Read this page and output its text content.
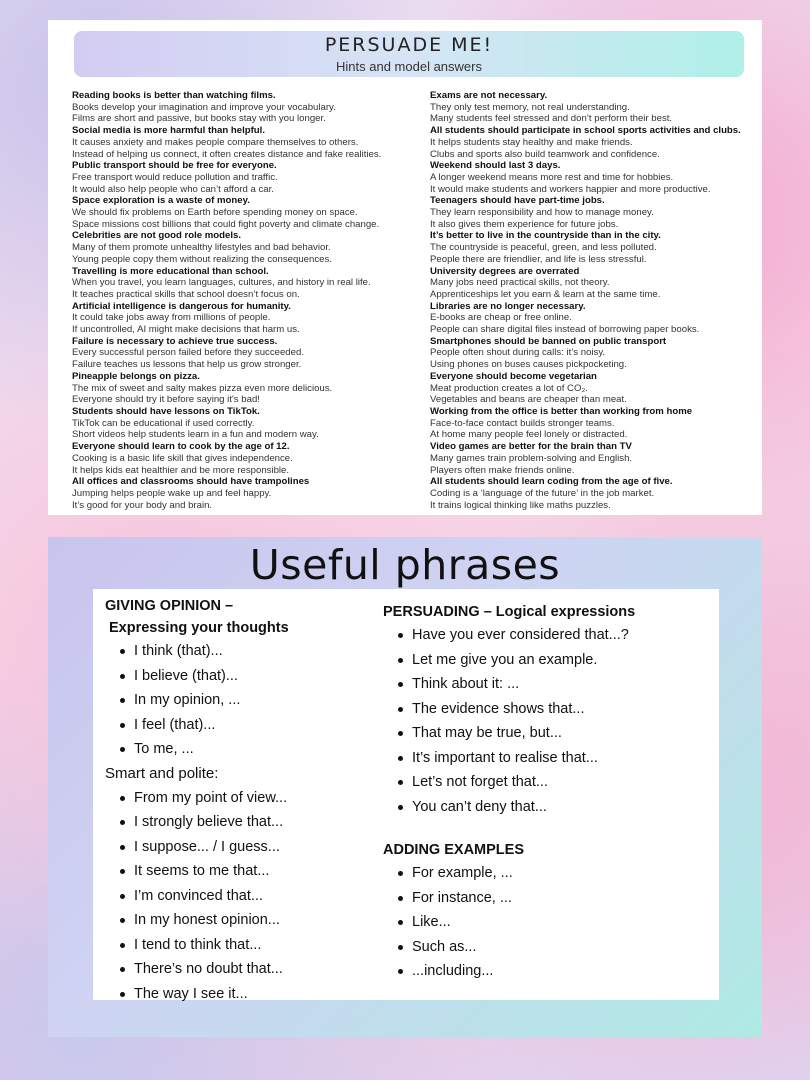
PERSUADE ME!
Hints and model answers
Reading books is better than watching films.
Books develop your imagination and improve your vocabulary.
Films are short and passive, but books stay with you longer.
Social media is more harmful than helpful.
It causes anxiety and makes people compare themselves to others.
Instead of helping us connect, it often creates distance and fake realities.
Public transport should be free for everyone.
Free transport would reduce pollution and traffic.
It would also help people who can’t afford a car.
Space exploration is a waste of money.
We should fix problems on Earth before spending money on space.
Space missions cost billions that could fight poverty and climate change.
Celebrities are not good role models.
Many of them promote unhealthy lifestyles and bad behavior.
Young people copy them without realizing the consequences.
Travelling is more educational than school.
When you travel, you learn languages, cultures, and history in real life.
It teaches practical skills that school doesn’t focus on.
Artificial intelligence is dangerous for humanity.
It could take jobs away from millions of people.
If uncontrolled, AI might make decisions that harm us.
Failure is necessary to achieve true success.
Every successful person failed before they succeeded.
Failure teaches us lessons that help us grow stronger.
Pineapple belongs on pizza.
The mix of sweet and salty makes pizza even more delicious.
Everyone should try it before saying it's bad!
Students should have lessons on TikTok.
TikTok can be educational if used correctly.
Short videos help students learn in a fun and modern way.
Everyone should learn to cook by the age of 12.
Cooking is a basic life skill that gives independence.
It helps kids eat healthier and be more responsible.
All offices and classrooms should have trampolines
Jumping helps people wake up and feel happy.
It’s good for your body and brain.
Exams are not necessary.
They only test memory, not real understanding.
Many students feel stressed and don’t perform their best.
All students should participate in school sports activities and clubs.
It helps students stay healthy and make friends.
Clubs and sports also build teamwork and confidence.
Weekend should last 3 days.
A longer weekend means more rest and time for hobbies.
It would make students and workers happier and more productive.
Teenagers should have part-time jobs.
They learn responsibility and how to manage money.
It also gives them experience for future jobs.
It’s better to live in the countryside than in the city.
The countryside is peaceful, green, and less polluted.
People there are friendlier, and life is less stressful.
University degrees are overrated
Many jobs need practical skills, not theory.
Apprenticeships let you earn & learn at the same time.
Libraries are no longer necessary.
E-books are cheap or free online.
People can share digital files instead of borrowing paper books.
Smartphones should be banned on public transport
People often shout during calls: it’s noisy.
Using phones on buses causes pickpocketing.
Everyone should become vegetarian
Meat production creates a lot of CO₂.
Vegetables and beans are cheaper than meat.
Working from the office is better than working from home
Face-to-face contact builds stronger teams.
At home many people feel lonely or distracted.
Video games are better for the brain than TV
Many games train problem-solving and English.
Players often make friends online.
All students should learn coding from the age of five.
Coding is a ‘language of the future’ in the job market.
It trains logical thinking like maths puzzles.
Useful phrases
GIVING OPINION –
Expressing your thoughts
I think (that)...
I believe (that)...
In my opinion, ...
I feel (that)...
To me, ...
Smart and polite:
From my point of view...
I strongly believe that...
I suppose... / I guess...
It seems to me that...
I’m convinced that...
In my honest opinion...
I tend to think that...
There’s no doubt that...
The way I see it...
PERSUADING – Logical expressions
Have you ever considered that...?
Let me give you an example.
Think about it: ...
The evidence shows that...
That may be true, but...
It’s important to realise that...
Let’s not forget that...
You can’t deny that...
ADDING EXAMPLES
For example, ...
For instance, ...
Like...
Such as...
...including...
